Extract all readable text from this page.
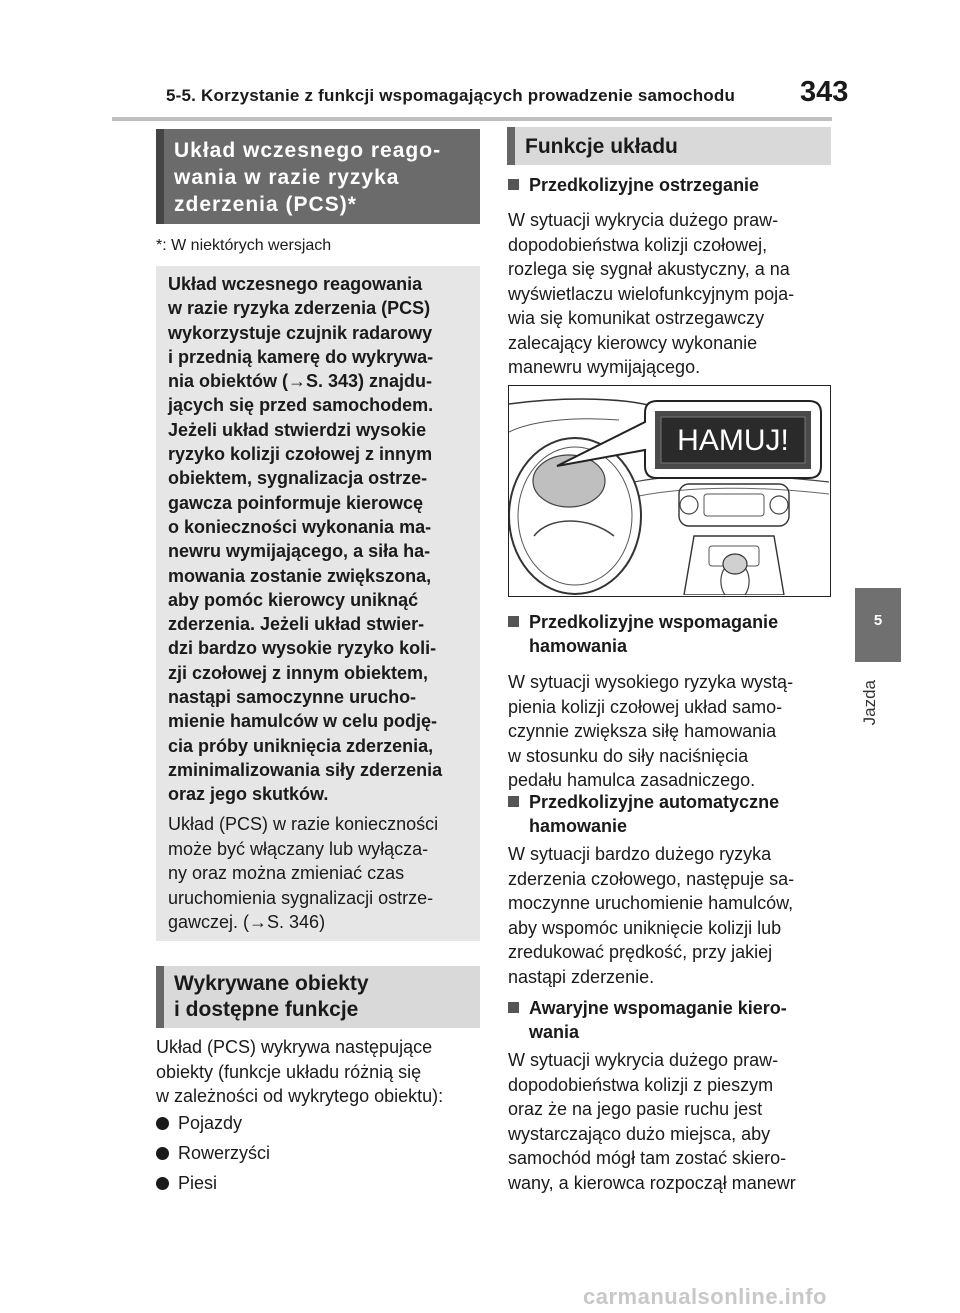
5-5. Korzystanie z funkcji wspomagających prowadzenie samochodu 343
5
Jazda
Układ wczesnego reago-
wania w razie ryzyka
zderzenia (PCS)*
*: W niektórych wersjach
Układ wczesnego reagowania
w razie ryzyka zderzenia (PCS)
wykorzystuje czujnik radarowy
i przednią kamerę do wykrywa-
nia obiektów (→S. 343) znajdu-
jących się przed samochodem.
Jeżeli układ stwierdzi wysokie
ryzyko kolizji czołowej z innym
obiektem, sygnalizacja ostrze-
gawcza poinformuje kierowcę
o konieczności wykonania ma-
newru wymijającego, a siła ha-
mowania zostanie zwiększona,
aby pomóc kierowcy uniknąć
zderzenia. Jeżeli układ stwier-
dzi bardzo wysokie ryzyko koli-
zji czołowej z innym obiektem,
nastąpi samoczynne urucho-
mienie hamulców w celu podję-
cia próby uniknięcia zderzenia,
zminimalizowania siły zderzenia
oraz jego skutków.
Układ (PCS) w razie konieczności
może być włączany lub wyłącza-
ny oraz można zmieniać czas
uruchomienia sygnalizacji ostrze-
gawczej. (→S. 346)
Wykrywane obiekty
i dostępne funkcje
Układ (PCS) wykrywa następujące
obiekty (funkcje układu różnią się
w zależności od wykrytego obiektu):
Pojazdy
Rowerzyści
Piesi
Funkcje układu
Przedkolizyjne ostrzeganie
W sytuacji wykrycia dużego praw-
dopodobieństwa kolizji czołowej,
rozlega się sygnał akustyczny, a na
wyświetlaczu wielofunkcyjnym poja-
wia się komunikat ostrzegawczy
zalecający kierowcy wykonanie
manewru wymijającego.
HAMUJ!
Przedkolizyjne wspomaganie
hamowania
W sytuacji wysokiego ryzyka wystą-
pienia kolizji czołowej układ samo-
czynnie zwiększa siłę hamowania
w stosunku do siły naciśnięcia
pedału hamulca zasadniczego.
Przedkolizyjne automatyczne
hamowanie
W sytuacji bardzo dużego ryzyka
zderzenia czołowego, następuje sa-
moczynne uruchomienie hamulców,
aby wspomóc uniknięcie kolizji lub
zredukować prędkość, przy jakiej
nastąpi zderzenie.
Awaryjne wspomaganie kiero-
wania
W sytuacji wykrycia dużego praw-
dopodobieństwa kolizji z pieszym
oraz że na jego pasie ruchu jest
wystarczająco dużo miejsca, aby
samochód mógł tam zostać skiero-
wany, a kierowca rozpoczął manewr
carmanualsonline.info
